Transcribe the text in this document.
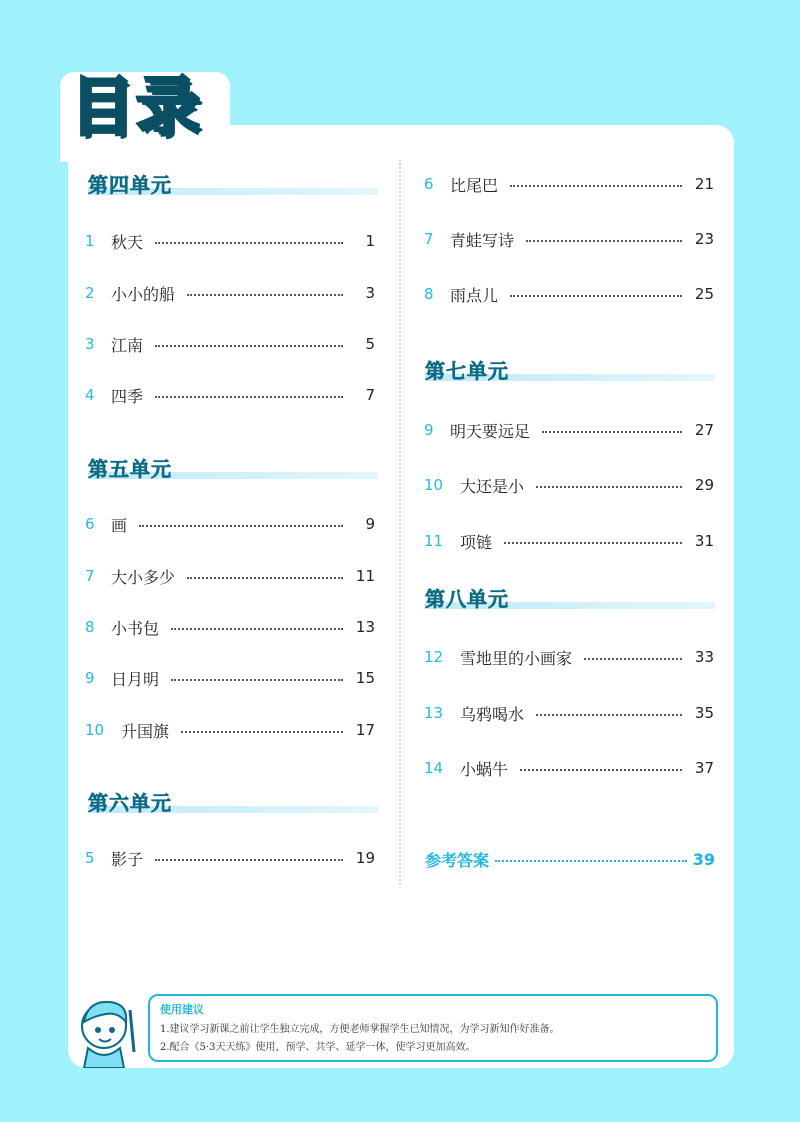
目录
第四单元
1	秋天	1
2	小小的船	3
3	江南	5
4	四季	7
第五单元
6	画	9
7	大小多少	11
8	小书包	13
9	日月明	15
10	升国旗	17
第六单元
5	影子	19
6	比尾巴	21
7	青蛙写诗	23
8	雨点儿	25
第七单元
9	明天要远足	27
10	大还是小	29
11	项链	31
第八单元
12	雪地里的小画家	33
13	乌鸦喝水	35
14	小蜗牛	37
参考答案	39
使用建议
1.建议学习新课之前让学生独立完成，方便老师掌握学生已知情况，为学习新知作好准备。
2.配合《5·3天天练》使用，预学、共学、延学一体，使学习更加高效。
